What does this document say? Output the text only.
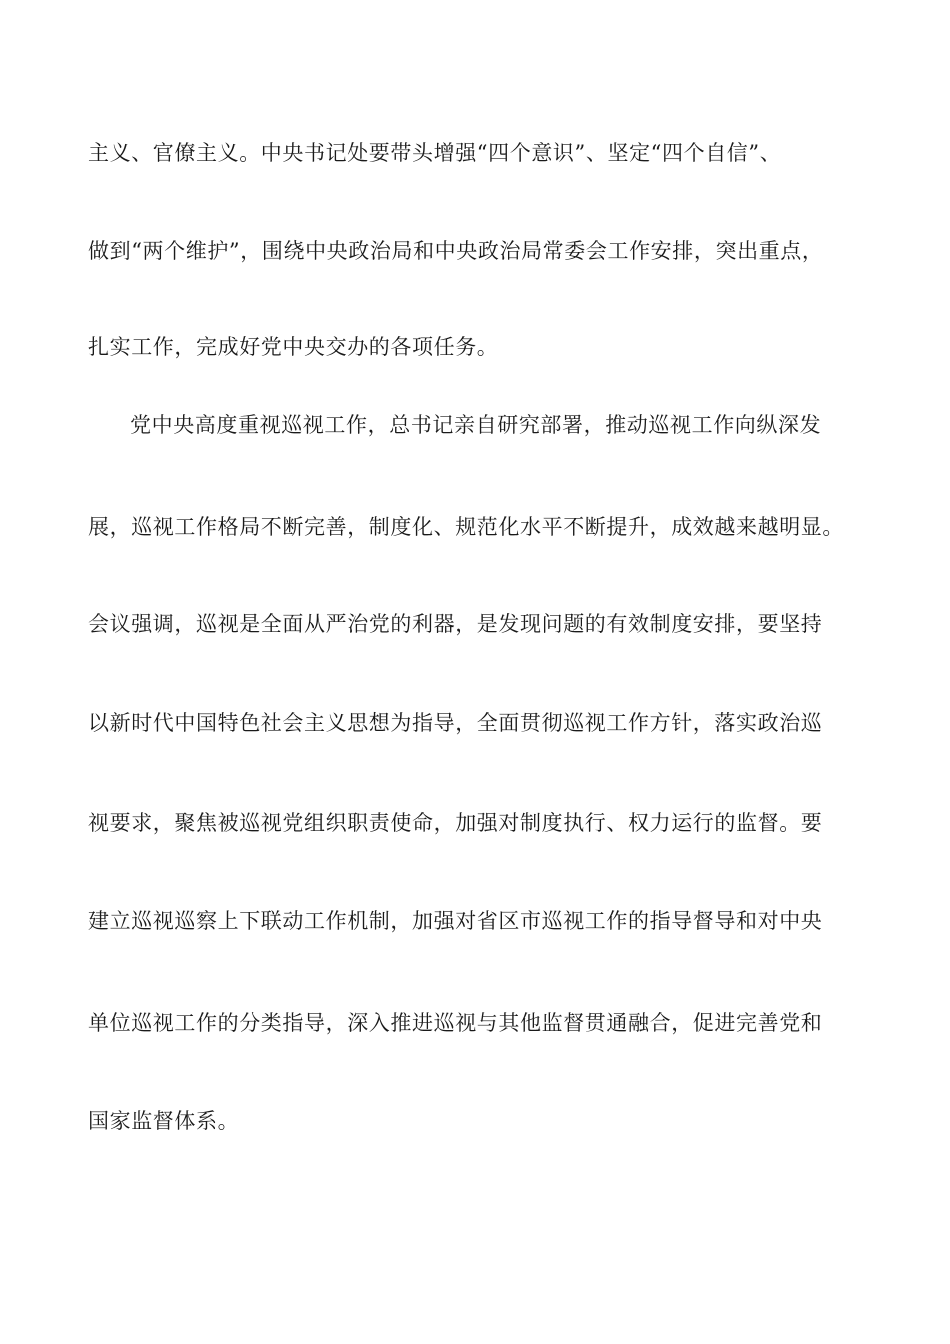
主义、官僚主义。中央书记处要带头增强“四个意识”、坚定“四个自信”、
做到“两个维护”，围绕中央政治局和中央政治局常委会工作安排，突出重点，
扎实工作，完成好党中央交办的各项任务。
党中央高度重视巡视工作，总书记亲自研究部署，推动巡视工作向纵深发
展，巡视工作格局不断完善，制度化、规范化水平不断提升，成效越来越明显。
会议强调，巡视是全面从严治党的利器，是发现问题的有效制度安排，要坚持
以新时代中国特色社会主义思想为指导，全面贯彻巡视工作方针，落实政治巡
视要求，聚焦被巡视党组织职责使命，加强对制度执行、权力运行的监督。要
建立巡视巡察上下联动工作机制，加强对省区市巡视工作的指导督导和对中央
单位巡视工作的分类指导，深入推进巡视与其他监督贯通融合，促进完善党和
国家监督体系。
